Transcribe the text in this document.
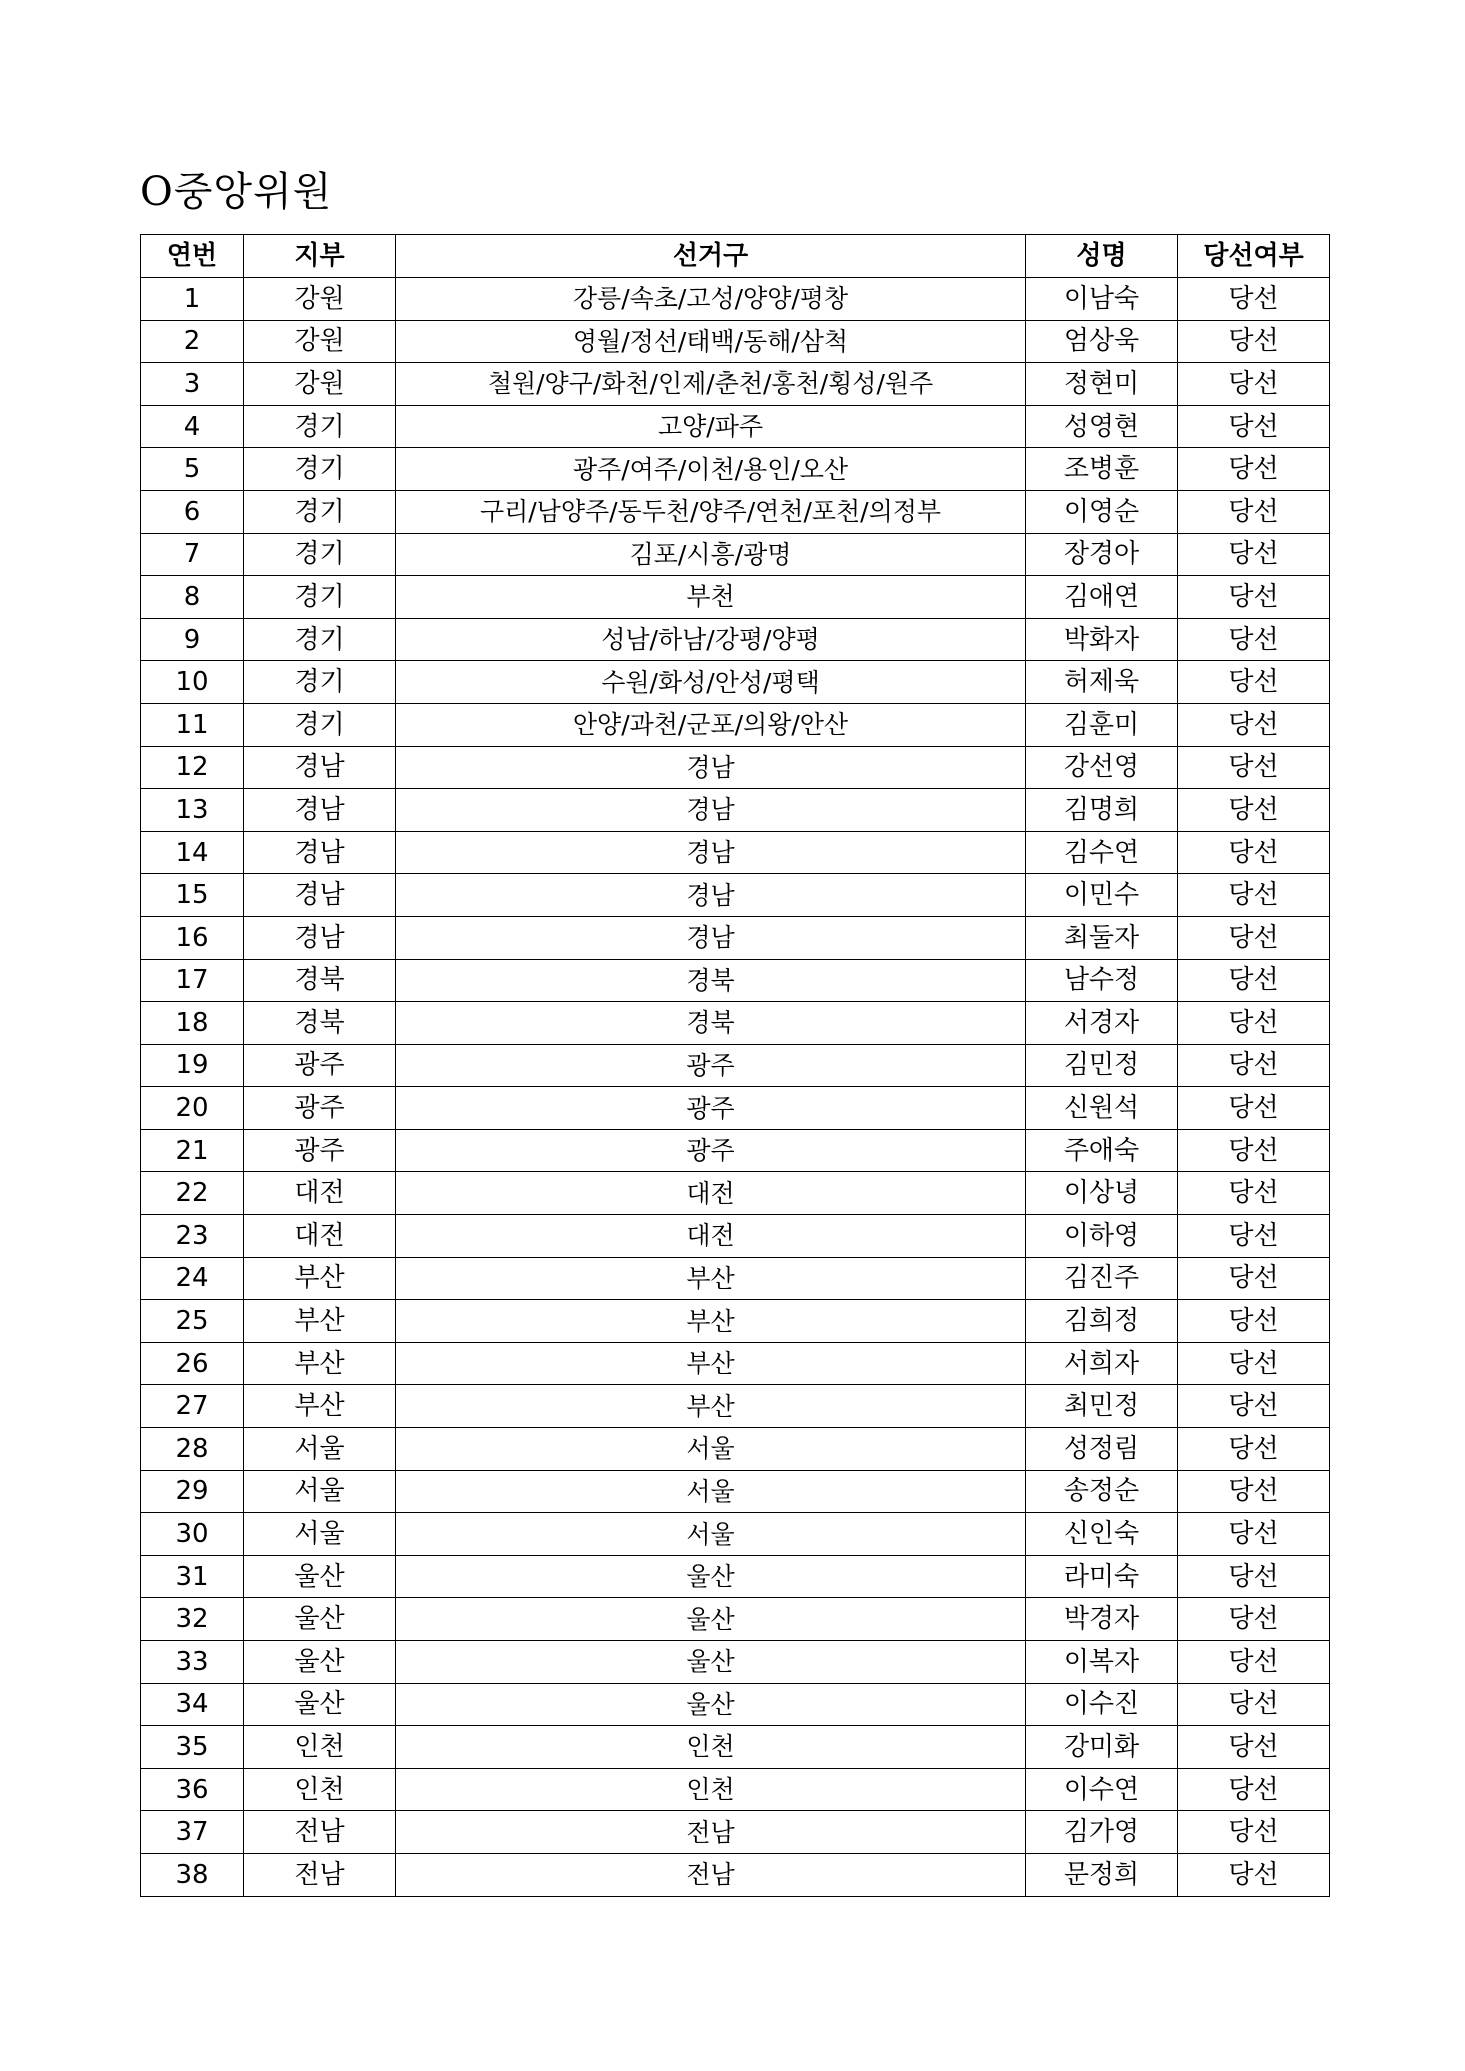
O중앙위원
연번	지부	선거구	성명	당선여부
1	강원	강릉/속초/고성/양양/평창	이남숙	당선
2	강원	영월/정선/태백/동해/삼척	엄상욱	당선
3	강원	철원/양구/화천/인제/춘천/홍천/횡성/원주	정현미	당선
4	경기	고양/파주	성영현	당선
5	경기	광주/여주/이천/용인/오산	조병훈	당선
6	경기	구리/남양주/동두천/양주/연천/포천/의정부	이영순	당선
7	경기	김포/시흥/광명	장경아	당선
8	경기	부천	김애연	당선
9	경기	성남/하남/강평/양평	박화자	당선
10	경기	수원/화성/안성/평택	허제욱	당선
11	경기	안양/과천/군포/의왕/안산	김훈미	당선
12	경남	경남	강선영	당선
13	경남	경남	김명희	당선
14	경남	경남	김수연	당선
15	경남	경남	이민수	당선
16	경남	경남	최둘자	당선
17	경북	경북	남수정	당선
18	경북	경북	서경자	당선
19	광주	광주	김민정	당선
20	광주	광주	신원석	당선
21	광주	광주	주애숙	당선
22	대전	대전	이상녕	당선
23	대전	대전	이하영	당선
24	부산	부산	김진주	당선
25	부산	부산	김희정	당선
26	부산	부산	서희자	당선
27	부산	부산	최민정	당선
28	서울	서울	성정림	당선
29	서울	서울	송정순	당선
30	서울	서울	신인숙	당선
31	울산	울산	라미숙	당선
32	울산	울산	박경자	당선
33	울산	울산	이복자	당선
34	울산	울산	이수진	당선
35	인천	인천	강미화	당선
36	인천	인천	이수연	당선
37	전남	전남	김가영	당선
38	전남	전남	문정희	당선
